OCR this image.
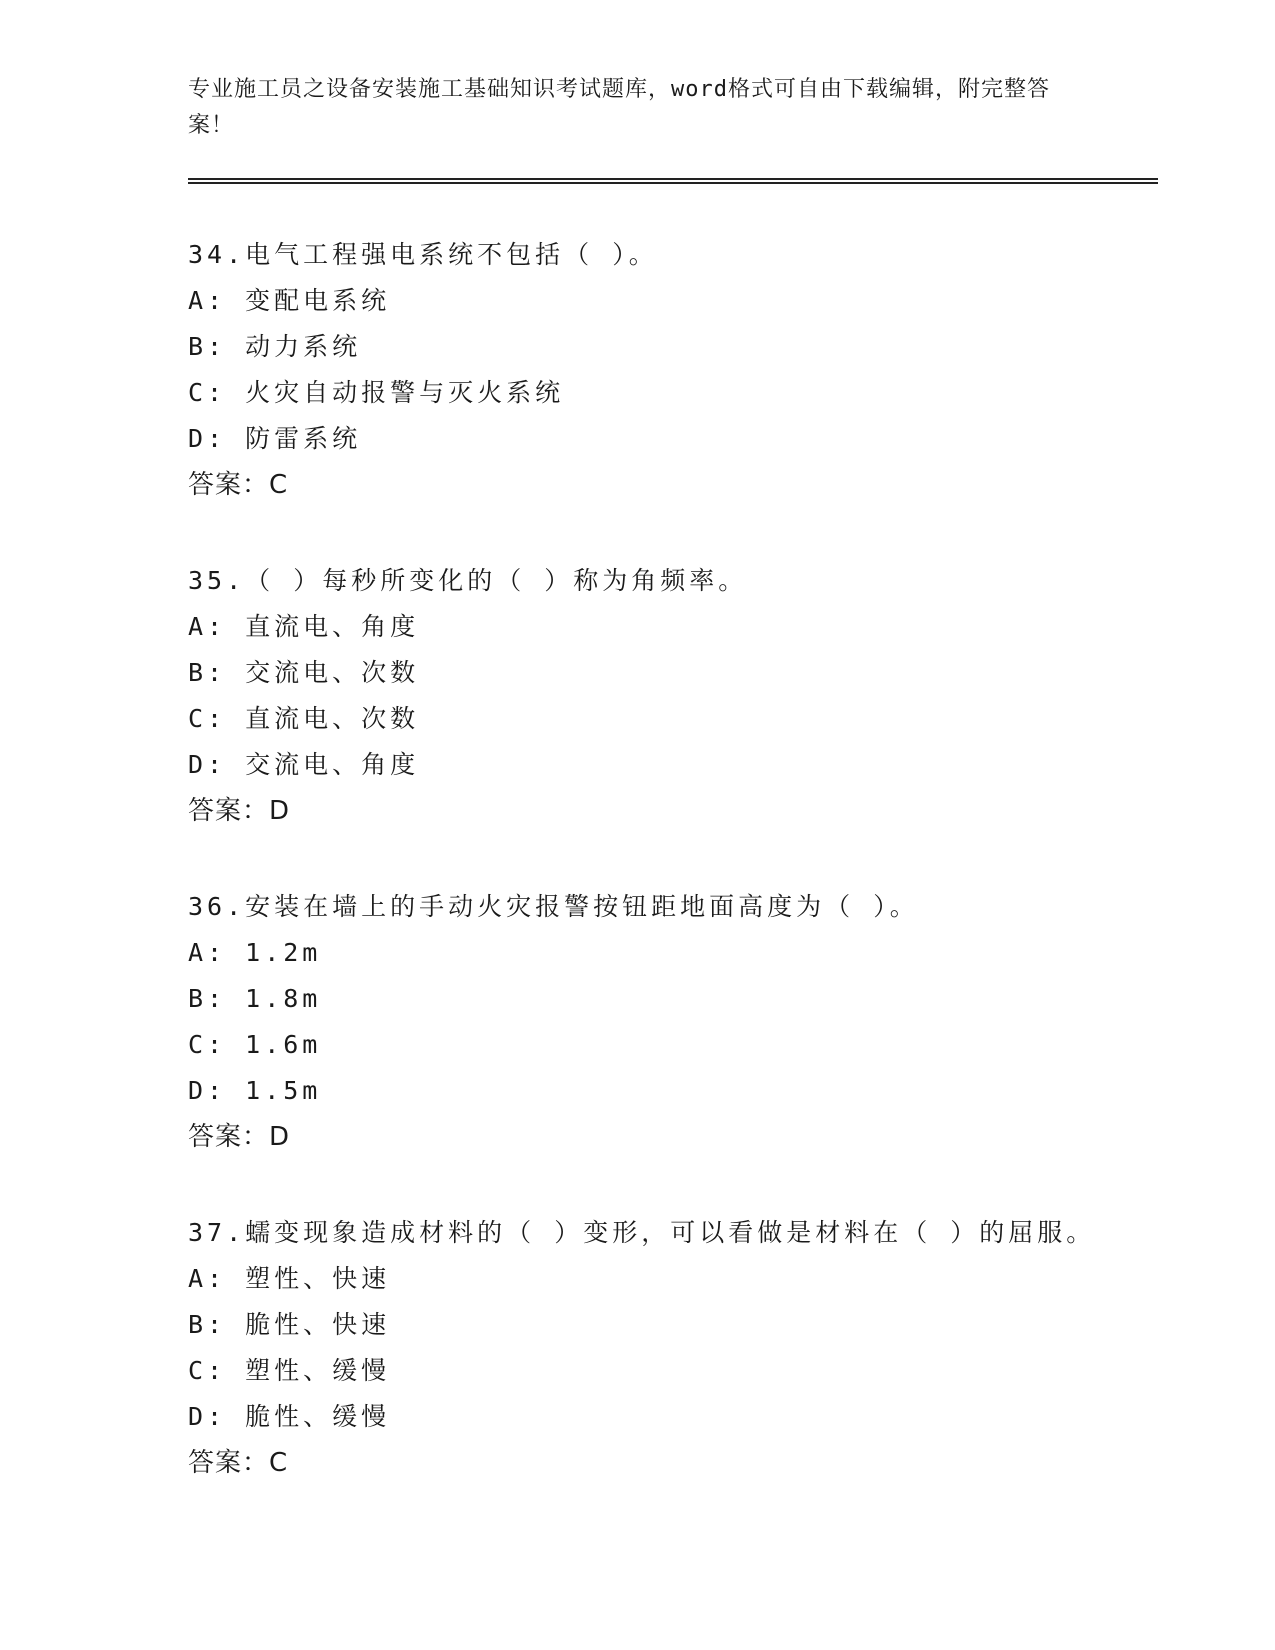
专业施工员之设备安装施工基础知识考试题库，word格式可自由下载编辑，附完整答案！

34.电气工程强电系统不包括（ ）。

A: 变配电系统

B: 动力系统

C: 火灾自动报警与灭火系统

D: 防雷系统

答案：C

35.（ ）每秒所变化的（ ）称为角频率。

A: 直流电、角度

B: 交流电、次数

C: 直流电、次数

D: 交流电、角度

答案：D

36.安装在墙上的手动火灾报警按钮距地面高度为（ ）。

A: 1.2m

B: 1.8m

C: 1.6m

D: 1.5m

答案：D

37.蠕变现象造成材料的（ ）变形，可以看做是材料在（ ）的屈服。

A: 塑性、快速

B: 脆性、快速

C: 塑性、缓慢

D: 脆性、缓慢

答案：C
